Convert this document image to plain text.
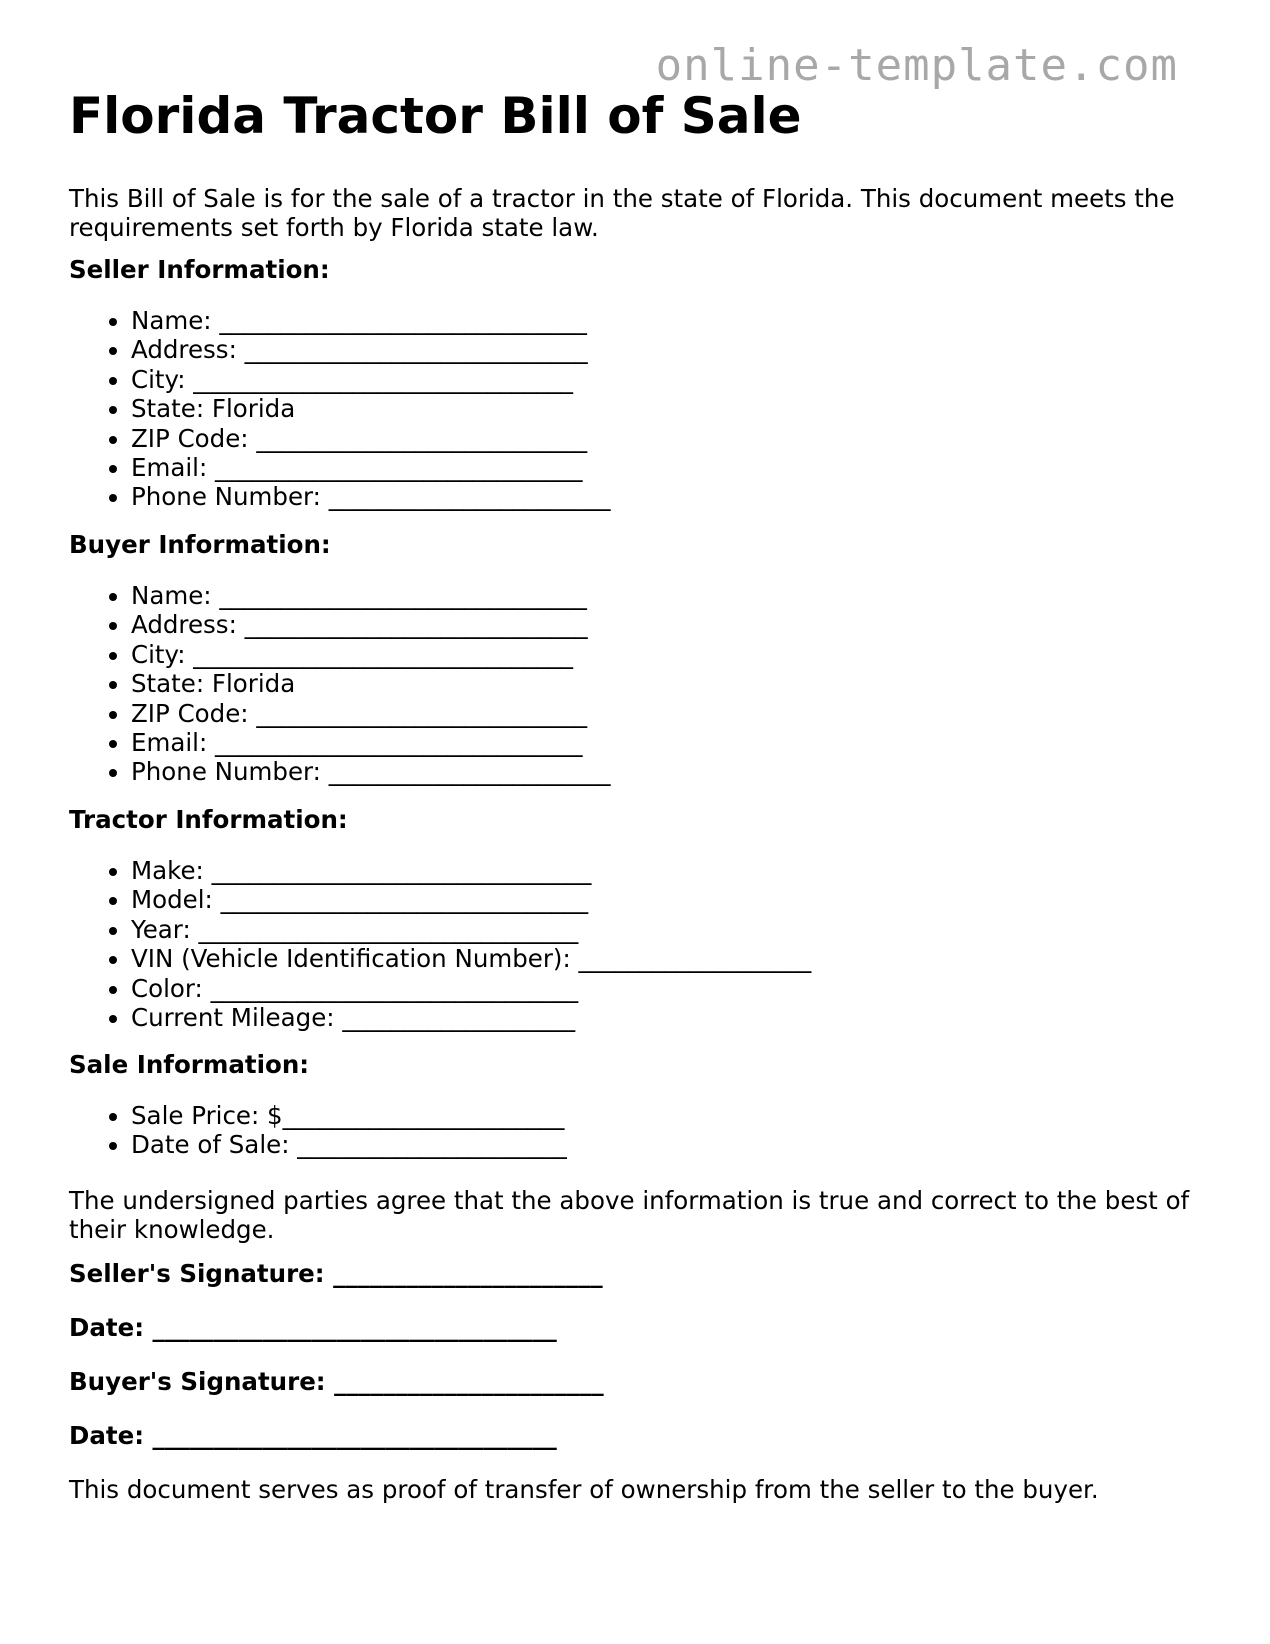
online-template.com
Florida Tractor Bill of Sale

This Bill of Sale is for the sale of a tractor in the state of Florida. This document meets the requirements set forth by Florida state law.

Seller Information:

• Name: ______________________________
• Address: ____________________________
• City: _______________________________
• State: Florida
• ZIP Code: ___________________________
• Email: ______________________________
• Phone Number: _______________________

Buyer Information:

• Name: ______________________________
• Address: ____________________________
• City: _______________________________
• State: Florida
• ZIP Code: ___________________________
• Email: ______________________________
• Phone Number: _______________________

Tractor Information:

• Make: _______________________________
• Model: ______________________________
• Year: _______________________________
• VIN (Vehicle Identification Number): ___________________
• Color: ______________________________
• Current Mileage: ___________________

Sale Information:

• Sale Price: $_______________________
• Date of Sale: ______________________

The undersigned parties agree that the above information is true and correct to the best of their knowledge.

Seller's Signature: ______________________

Date: _________________________________

Buyer's Signature: ______________________

Date: _________________________________

This document serves as proof of transfer of ownership from the seller to the buyer.
